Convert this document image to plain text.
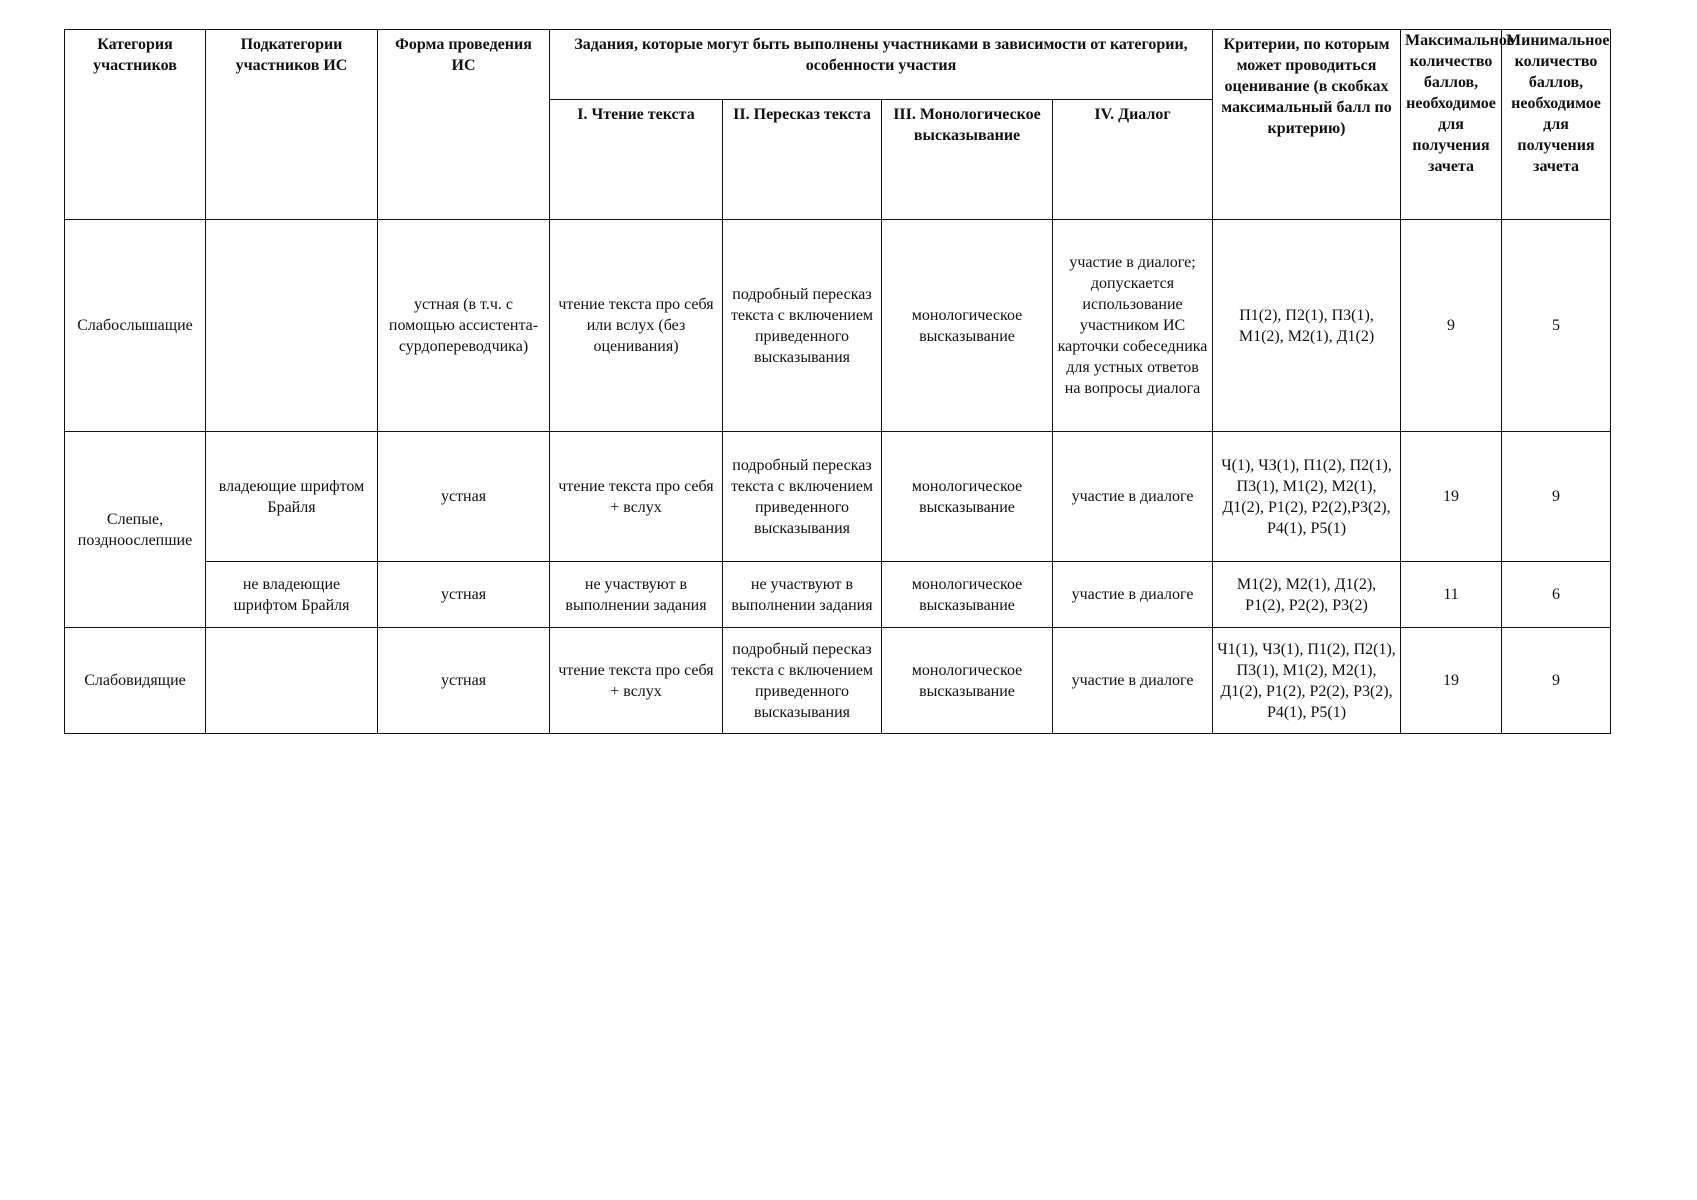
Категория участников	Подкатегории участников ИС	Форма проведения ИС	Задания, которые могут быть выполнены участниками в зависимости от категории, особенности участия				Критерии, по которым может проводиться оценивание (в скобках максимальный балл по критерию)	Максимальное количество баллов, необходимое для получения зачета	Минимальное количество баллов, необходимое для получения зачета
			I. Чтение текста	II. Пересказ текста	III. Монологическое высказывание	IV. Диалог			
Слабослышащие		устная (в т.ч. с помощью ассистента-сурдопереводчика)	чтение текста про себя или вслух (без оценивания)	подробный пересказ текста с включением приведенного высказывания	монологическое высказывание	участие в диалоге; допускается использование участником ИС карточки собеседника для устных ответов на вопросы диалога	П1(2), П2(1), П3(1), М1(2), М2(1), Д1(2)	9	5
Слепые, поздноослепшие	владеющие шрифтом Брайля	устная	чтение текста про себя + вслух	подробный пересказ текста с включением приведенного высказывания	монологическое высказывание	участие в диалоге	Ч(1), ЧЗ(1), П1(2), П2(1), П3(1), М1(2), М2(1), Д1(2), Р1(2), Р2(2),Р3(2), Р4(1), Р5(1)	19	9
	не владеющие шрифтом Брайля	устная	не участвуют в выполнении задания	не участвуют в выполнении задания	монологическое высказывание	участие в диалоге	М1(2), М2(1), Д1(2), Р1(2), Р2(2), Р3(2)	11	6
Слабовидящие		устная	чтение текста про себя + вслух	подробный пересказ текста с включением приведенного высказывания	монологическое высказывание	участие в диалоге	Ч1(1), ЧЗ(1), П1(2), П2(1), П3(1), М1(2), М2(1), Д1(2), Р1(2), Р2(2), Р3(2), Р4(1), Р5(1)	19	9
